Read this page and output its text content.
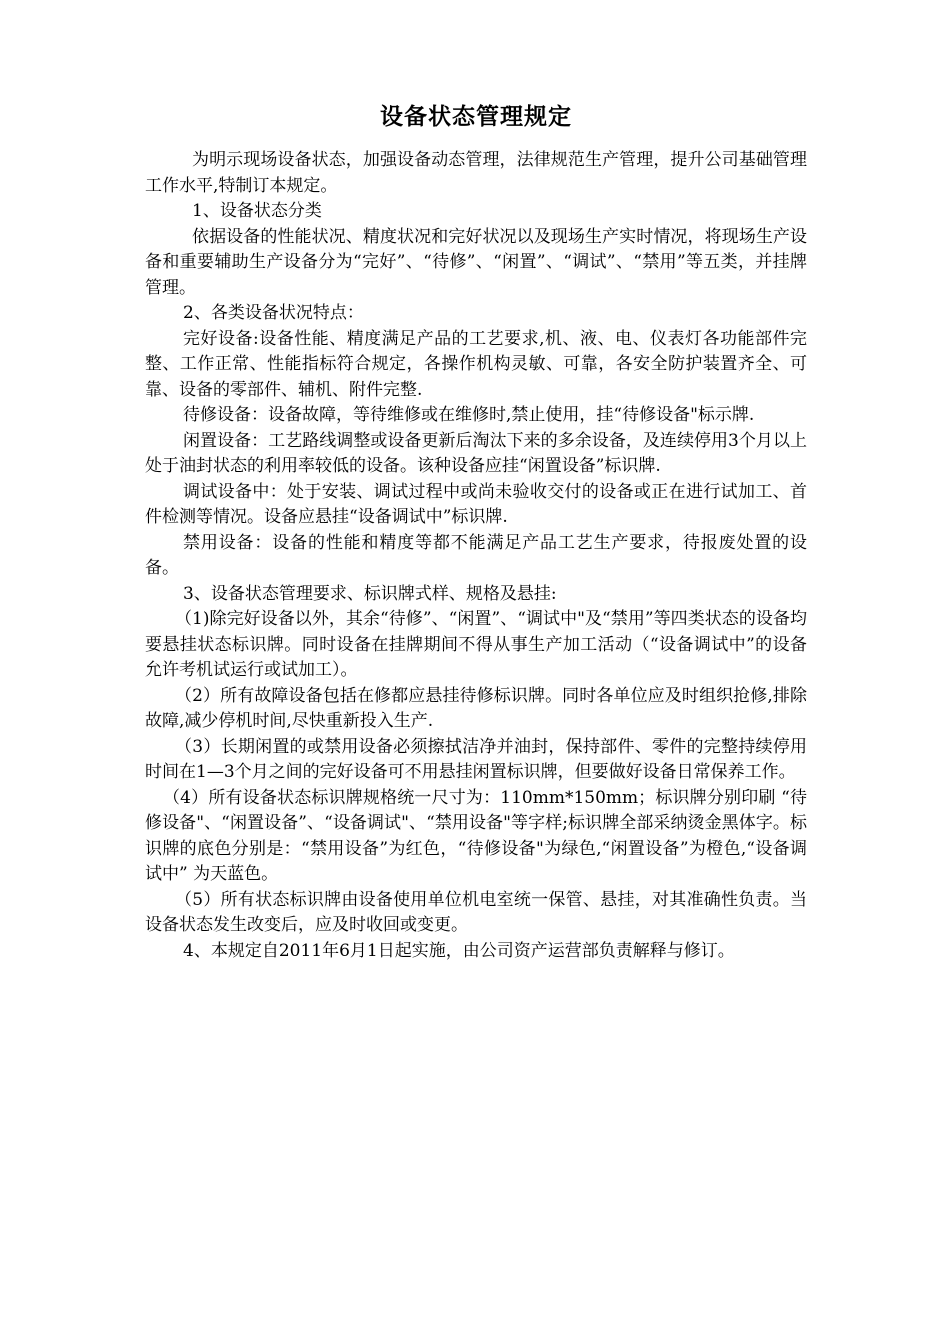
设备状态管理规定

为明示现场设备状态，加强设备动态管理，法律规范生产管理，提升公司基础管理工作水平,特制订本规定。

1、设备状态分类

依据设备的性能状况、精度状况和完好状况以及现场生产实时情况，将现场生产设备和重要辅助生产设备分为“完好”、“待修”、“闲置”、“调试”、“禁用”等五类，并挂牌管理。

2、各类设备状况特点：

完好设备:设备性能、精度满足产品的工艺要求,机、液、电、仪表灯各功能部件完整、工作正常、性能指标符合规定，各操作机构灵敏、可靠，各安全防护装置齐全、可靠、设备的零部件、辅机、附件完整.

待修设备：设备故障，等待维修或在维修时,禁止使用，挂“待修设备"标示牌.

闲置设备：工艺路线调整或设备更新后淘汰下来的多余设备，及连续停用3个月以上处于油封状态的利用率较低的设备。该种设备应挂“闲置设备”标识牌.

调试设备中：处于安装、调试过程中或尚未验收交付的设备或正在进行试加工、首件检测等情况。设备应悬挂“设备调试中”标识牌.

禁用设备：设备的性能和精度等都不能满足产品工艺生产要求，待报废处置的设备。

3、设备状态管理要求、标识牌式样、规格及悬挂:

（1)除完好设备以外，其余“待修”、“闲置”、“调试中"及“禁用”等四类状态的设备均要悬挂状态标识牌。同时设备在挂牌期间不得从事生产加工活动（“设备调试中”的设备允许考机试运行或试加工）。

（2）所有故障设备包括在修都应悬挂待修标识牌。同时各单位应及时组织抢修,排除故障,减少停机时间,尽快重新投入生产.

（3）长期闲置的或禁用设备必须擦拭洁净并油封，保持部件、零件的完整持续停用时间在1—3个月之间的完好设备可不用悬挂闲置标识牌，但要做好设备日常保养工作。

（4）所有设备状态标识牌规格统一尺寸为：110mm*150mm；标识牌分别印刷 “待修设备"、“闲置设备”、“设备调试"、“禁用设备"等字样;标识牌全部采纳烫金黑体字。标识牌的底色分别是：“禁用设备”为红色，“待修设备"为绿色,“闲置设备”为橙色,“设备调试中” 为天蓝色。

（5）所有状态标识牌由设备使用单位机电室统一保管、悬挂，对其准确性负责。当设备状态发生改变后，应及时收回或变更。

4、本规定自2011年6月1日起实施，由公司资产运营部负责解释与修订。
